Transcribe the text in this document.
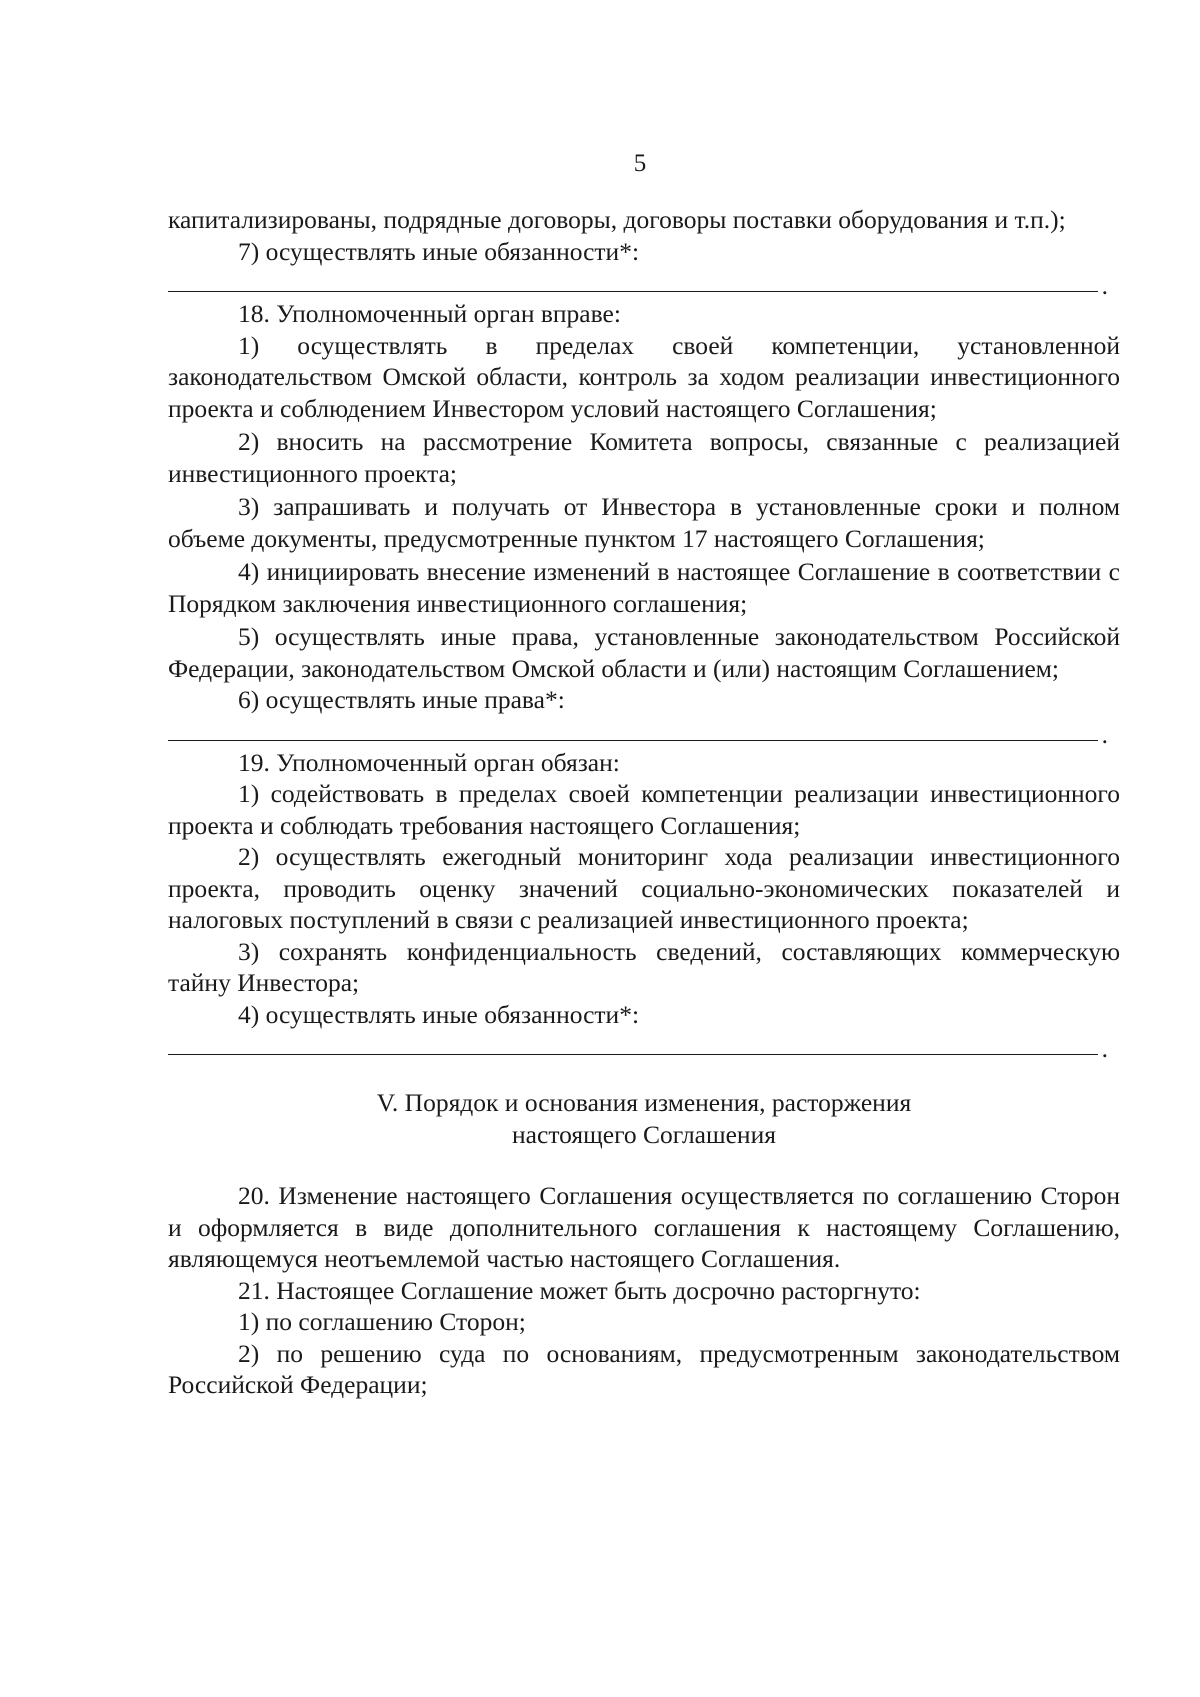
5

капитализированы, подрядные договоры, договоры поставки оборудования и т.п.);

7) осуществлять иные обязанности*:

.

18. Уполномоченный орган вправе:

1) осуществлять в пределах своей компетенции, установленной законодательством Омской области, контроль за ходом реализации инвестиционного проекта и соблюдением Инвестором условий настоящего Соглашения;

2) вносить на рассмотрение Комитета вопросы, связанные с реализацией инвестиционного проекта;

3) запрашивать и получать от Инвестора в установленные сроки и полном объеме документы, предусмотренные пунктом 17 настоящего Соглашения;

4) инициировать внесение изменений в настоящее Соглашение в соответствии с Порядком заключения инвестиционного соглашения;

5) осуществлять иные права, установленные законодательством Российской Федерации, законодательством Омской области и (или) настоящим Соглашением;

6) осуществлять иные права*:

.

19. Уполномоченный орган обязан:

1) содействовать в пределах своей компетенции реализации инвестиционного проекта и соблюдать требования настоящего Соглашения;

2) осуществлять ежегодный мониторинг хода реализации инвестиционного проекта, проводить оценку значений социально-экономических показателей и налоговых поступлений в связи с реализацией инвестиционного проекта;

3) сохранять конфиденциальность сведений, составляющих коммерческую тайну Инвестора;

4) осуществлять иные обязанности*:

.
V. Порядок и основания изменения, расторжения
настоящего Соглашения

20. Изменение настоящего Соглашения осуществляется по соглашению Сторон и оформляется в виде дополнительного соглашения к настоящему Соглашению, являющемуся неотъемлемой частью настоящего Соглашения.

21. Настоящее Соглашение может быть досрочно расторгнуто:

1) по соглашению Сторон;

2) по решению суда по основаниям, предусмотренным законодательством Российской Федерации;
